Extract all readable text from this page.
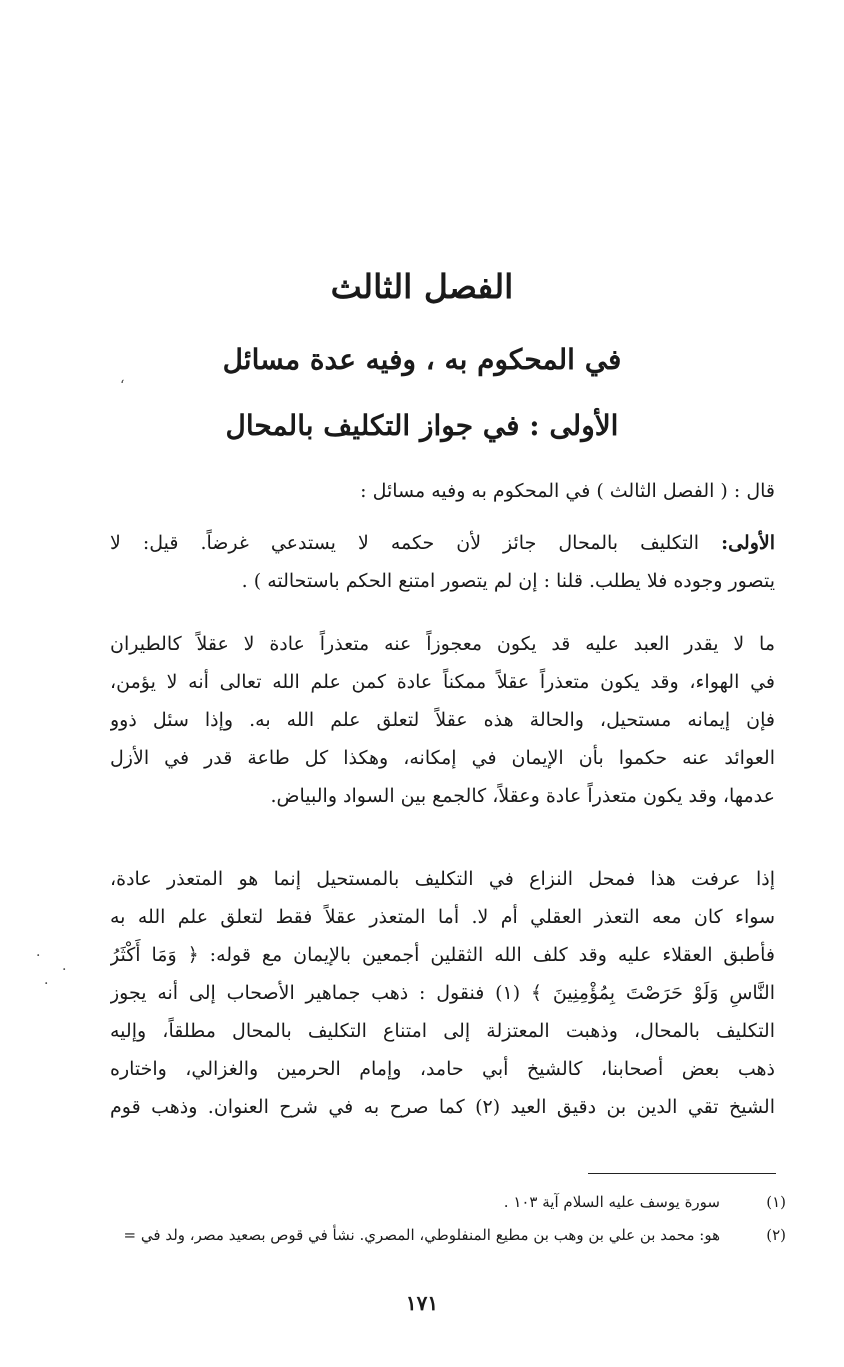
الفصل الثالث
في المحكوم به ، وفيه عدة مسائل
الأولى : في جواز التكليف بالمحال
قال : ( الفصل الثالث ) في المحكوم به وفيه مسائل :
الأولى: التكليف بالمحال جائز لأن حكمه لا يستدعي غرضاً. قيل: لا
يتصور وجوده فلا يطلب. قلنا : إن لم يتصور امتنع الحكم باستحالته ) .
ما لا يقدر العبد عليه قد يكون معجوزاً عنه متعذراً عادة لا عقلاً كالطيران
في الهواء، وقد يكون متعذراً عقلاً ممكناً عادة كمن علم الله تعالى أنه لا يؤمن،
فإن إيمانه مستحيل، والحالة هذه عقلاً لتعلق علم الله به. وإذا سئل ذوو
العوائد عنه حكموا بأن الإيمان في إمكانه، وهكذا كل طاعة قدر في الأزل
عدمها، وقد يكون متعذراً عادة وعقلاً، كالجمع بين السواد والبياض.
إذا عرفت هذا فمحل النزاع في التكليف بالمستحيل إنما هو المتعذر عادة،
سواء كان معه التعذر العقلي أم لا. أما المتعذر عقلاً فقط لتعلق علم الله به
فأطبق العقلاء عليه وقد كلف الله الثقلين أجمعين بالإيمان مع قوله: ﴿ وَمَا أَكْثَرُ
النَّاسِ وَلَوْ حَرَصْتَ بِمُؤْمِنِينَ ﴾ (١) فنقول : ذهب جماهير الأصحاب إلى أنه يجوز
التكليف بالمحال، وذهبت المعتزلة إلى امتناع التكليف بالمحال مطلقاً، وإليه
ذهب بعض أصحابنا، كالشيخ أبي حامد، وإمام الحرمين والغزالي، واختاره
الشيخ تقي الدين بن دقيق العيد (٢) كما صرح به في شرح العنوان. وذهب قوم
(١)
سورة يوسف عليه السلام آية ١٠٣ .
(٢)
هو: محمد بن علي بن وهب بن مطيع المنفلوطي، المصري. نشأ في قوص بصعيد مصر، ولد في =
١٧١
ʻ
·
·
·
